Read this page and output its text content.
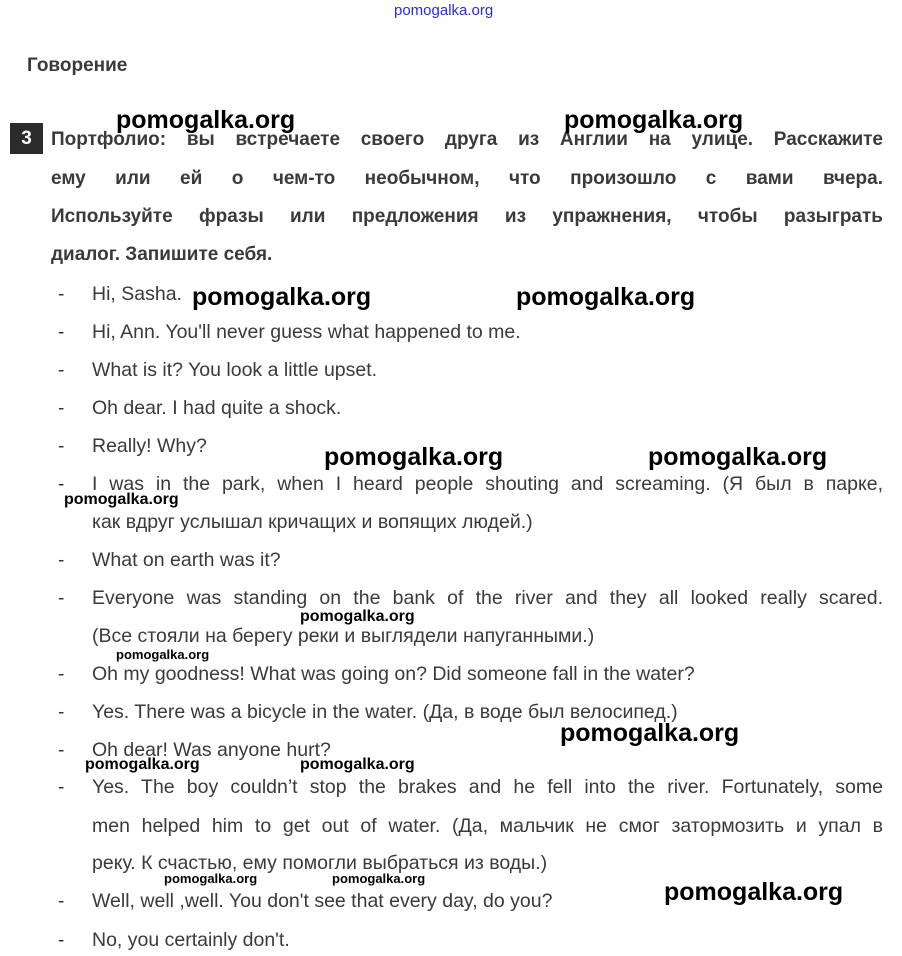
pomogalka.org
Говорение
3	Портфолио: вы встречаете своего друга из Англии на улице. Расскажите
ему или ей о чем-то необычном, что произошло с вами вчера.
Используйте фразы или предложения из упражнения, чтобы разыграть
диалог. Запишите себя.
- Hi, Sasha.
- Hi, Ann. You'll never guess what happened to me.
- What is it? You look a little upset.
- Oh dear. I had quite a shock.
- Really! Why?
- I was in the park, when I heard people shouting and screaming. (Я был в парке,
как вдруг услышал кричащих и вопящих людей.)
- What on earth was it?
- Everyone was standing on the bank of the river and they all looked really scared.
(Все стояли на берегу реки и выглядели напуганными.)
- Oh my goodness! What was going on? Did someone fall in the water?
- Yes. There was a bicycle in the water. (Да, в воде был велосипед.)
- Oh dear! Was anyone hurt?
- Yes. The boy couldn’t stop the brakes and he fell into the river. Fortunately, some
men helped him to get out of water. (Да, мальчик не смог затормозить и упал в
реку. К счастью, ему помогли выбраться из воды.)
- Well, well ,well. You don't see that every day, do you?
- No, you certainly don't.
pomogalka.org	pomogalka.org
pomogalka.org	pomogalka.org
pomogalka.org	pomogalka.org
pomogalka.org
pomogalka.org
pomogalka.org
pomogalka.org
pomogalka.org	pomogalka.org
pomogalka.org	pomogalka.org	pomogalka.org
